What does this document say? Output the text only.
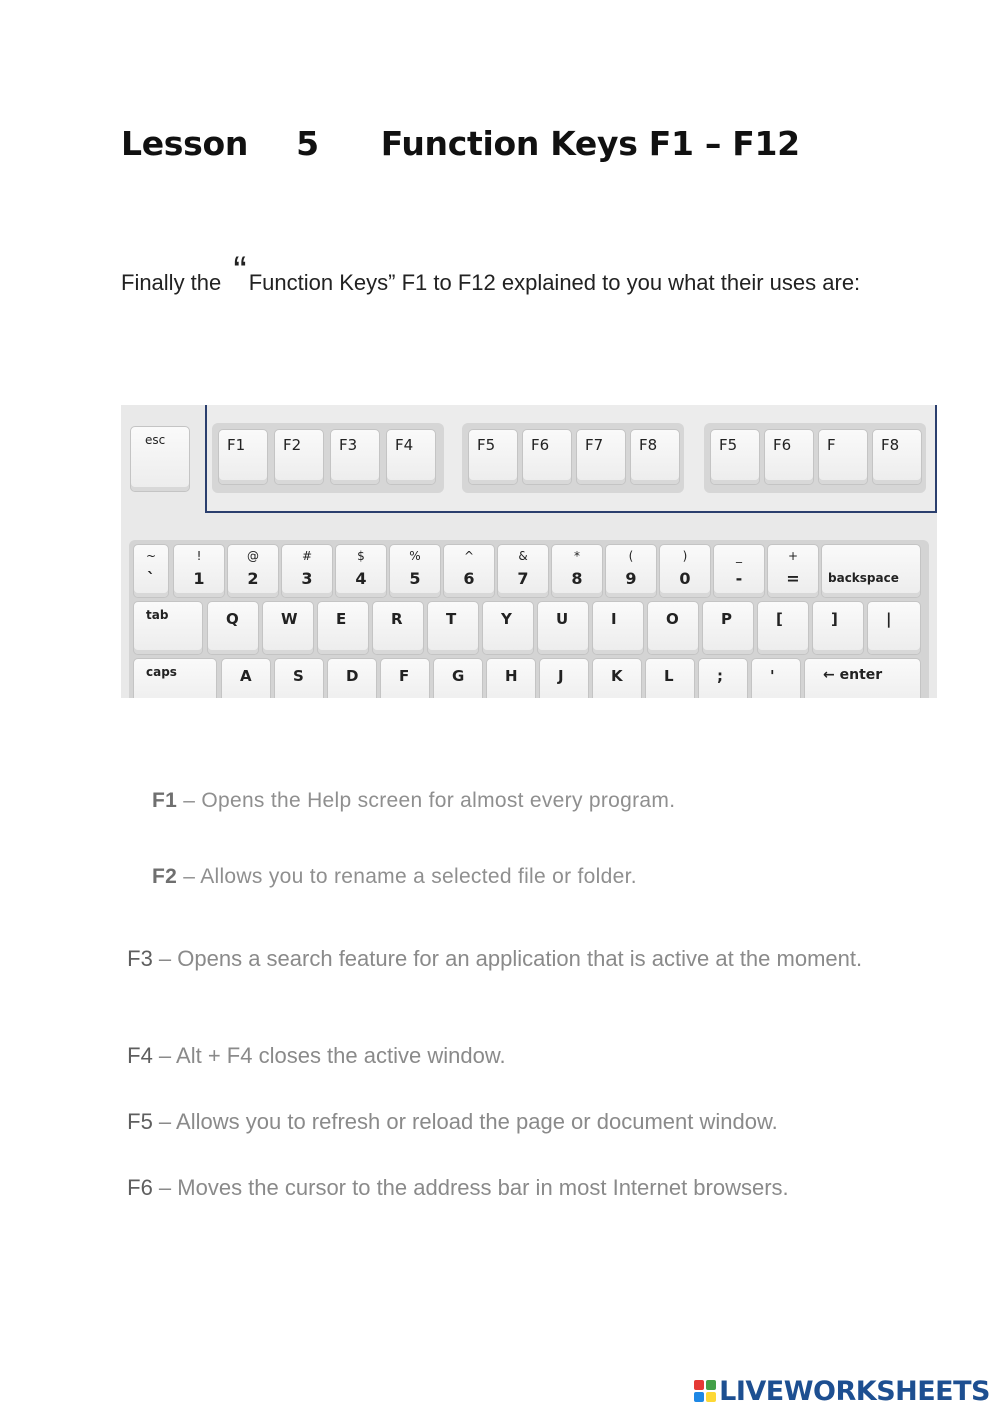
Lesson 5 Function Keys F1 – F12

Finally the “Function Keys” F1 to F12 explained to you what their uses are:

esc	F1	F2	F3	F4	F5	F6	F7	F8	F5	F6	F	F8
~
`
!
1
@
2
#
3
$
4
%
5
^
6
&
7
*
8
(
9
)
0
_
-
+
=	backspace
tab	Q	W	E	R	T	Y	U	I	O	P	[	]	|
caps	A	S	D	F	G	H	J	K	L	;	'	← enter
F1 – Opens the Help screen for almost every program.
F2 – Allows you to rename a selected file or folder.
F3 – Opens a search feature for an application that is active at the moment.
F4 – Alt + F4 closes the active window.
F5 – Allows you to refresh or reload the page or document window.
F6 – Moves the cursor to the address bar in most Internet browsers.
LIVEWORKSHEETS
